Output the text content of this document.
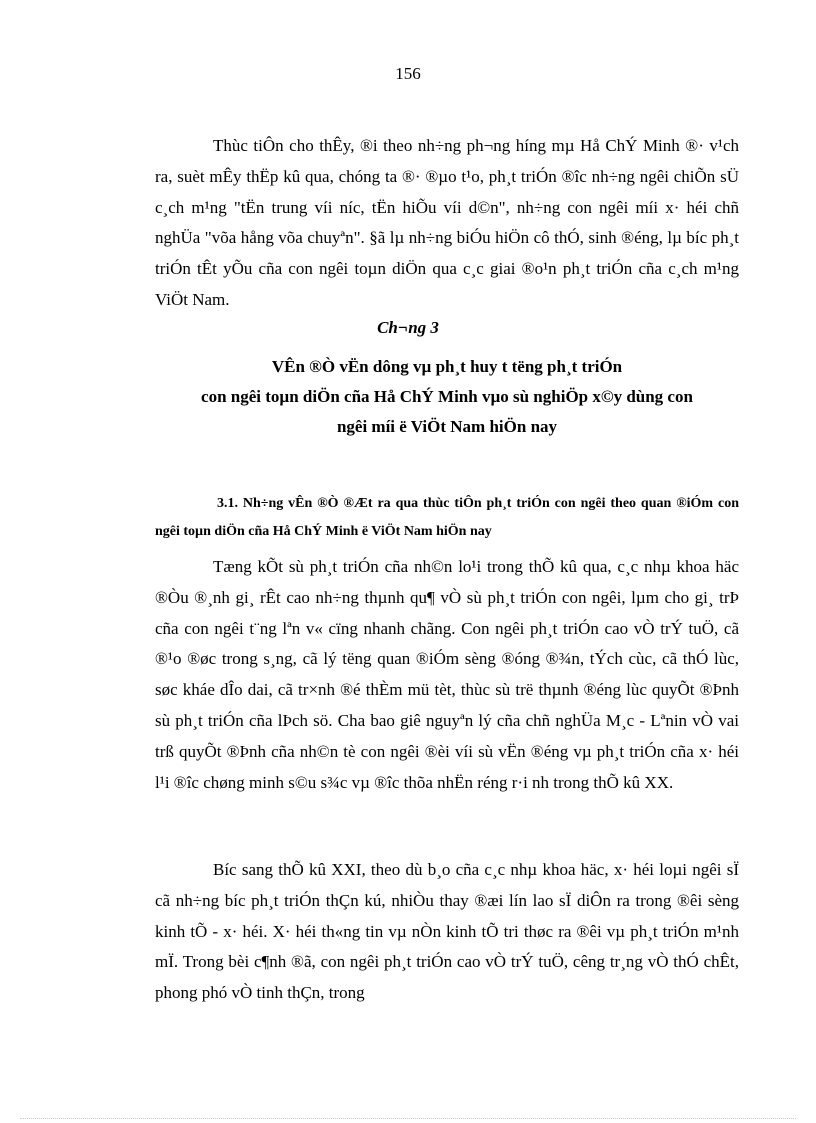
156

Thùc tiÔn cho thÊy, ®i theo nh÷ng ph¬ng híng mµ Hå ChÝ Minh ®· v¹ch ra, suèt mÊy thËp kû qua, chóng ta ®· ®µo t¹o, ph¸t triÓn ®îc nh÷ng ngêi chiÕn sÜ c¸ch m¹ng "tËn trung víi níc, tËn hiÕu víi d©n", nh÷ng con ngêi míi x· héi chñ nghÜa "võa hång võa chuyªn". §ã lµ nh÷ng biÓu hiÖn cô thÓ, sinh ®éng, lµ bíc ph¸t triÓn tÊt yÕu cña con ngêi toµn diÖn qua c¸c giai ®o¹n ph¸t triÓn cña c¸ch m¹ng ViÖt Nam.

Ch¬ng 3
VÊn ®Ò vËn dông vµ ph¸t huy t tëng ph¸t triÓn
con ngêi toµn diÖn cña Hå ChÝ Minh vµo sù nghiÖp x©y dùng con
ngêi míi ë ViÖt Nam hiÖn nay

3.1. Nh÷ng vÊn ®Ò ®Æt ra qua thùc tiÔn ph¸t triÓn con ngêi theo quan ®iÓm con ngêi toµn diÖn cña Hå ChÝ Minh ë ViÖt Nam hiÖn nay

Tæng kÕt sù ph¸t triÓn cña nh©n lo¹i trong thÕ kû qua, c¸c nhµ khoa häc ®Òu ®¸nh gi¸ rÊt cao nh÷ng thµnh qu¶ vÒ sù ph¸t triÓn con ngêi, lµm cho gi¸ trÞ cña con ngêi t¨ng lªn v« cïng nhanh chãng. Con ngêi ph¸t triÓn cao vÒ trÝ tuÖ, cã ®¹o ®øc trong s¸ng, cã lý tëng quan ®iÓm sèng ®óng ®¾n, tÝch cùc, cã thÓ lùc, søc kháe dÎo dai, cã tr×nh ®é thÈm mü tèt, thùc sù trë thµnh ®éng lùc quyÕt ®Þnh sù ph¸t triÓn cña lÞch sö. Cha bao giê nguyªn lý cña chñ nghÜa M¸c - Lªnin vÒ vai trß quyÕt ®Þnh cña nh©n tè con ngêi ®èi víi sù vËn ®éng vµ ph¸t triÓn cña x· héi l¹i ®îc chøng minh s©u s¾c vµ ®îc thõa nhËn réng r·i nh trong thÕ kû XX.

Bíc sang thÕ kû XXI, theo dù b¸o cña c¸c nhµ khoa häc, x· héi loµi ngêi sÏ cã nh÷ng bíc ph¸t triÓn thÇn kú, nhiÒu thay ®æi lín lao sÏ diÔn ra trong ®êi sèng kinh tÕ - x· héi. X· héi th«ng tin vµ nÒn kinh tÕ tri thøc ra ®êi vµ ph¸t triÓn m¹nh mÏ. Trong bèi c¶nh ®ã, con ngêi ph¸t triÓn cao vÒ trÝ tuÖ, cêng tr¸ng vÒ thÓ chÊt, phong phó vÒ tinh thÇn, trong
